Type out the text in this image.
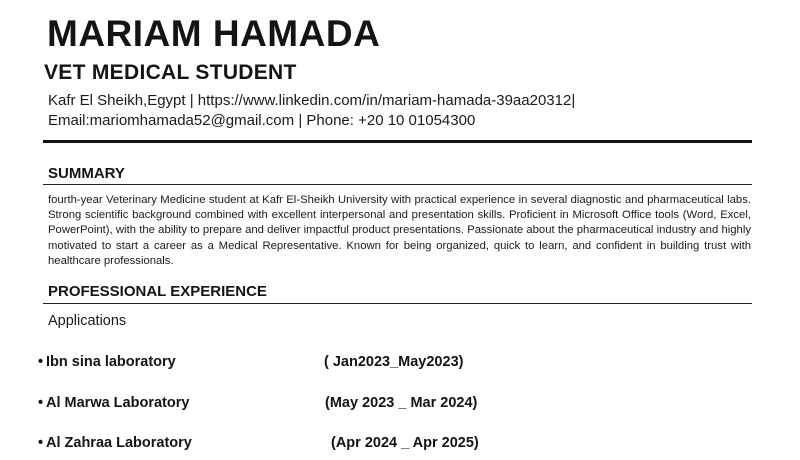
MARIAM HAMADA
VET MEDICAL STUDENT
Kafr El Sheikh,Egypt | https://www.linkedin.com/in/mariam-hamada-39aa20312|
Email:mariomhamada52@gmail.com | Phone: +20 10 01054300
SUMMARY

fourth-year Veterinary Medicine student at Kafr El-Sheikh University with practical experience in several diagnostic and pharmaceutical labs. Strong scientific background combined with excellent interpersonal and presentation skills. Proficient in Microsoft Office tools (Word, Excel, PowerPoint), with the ability to prepare and deliver impactful product presentations. Passionate about the pharmaceutical industry and highly motivated to start a career as a Medical Representative. Known for being organized, quick to learn, and confident in building trust with healthcare professionals.

PROFESSIONAL EXPERIENCE
Applications
• Ibn sina laboratory	( Jan2023_May2023)
• Al Marwa Laboratory	(May 2023 _ Mar 2024)
• Al Zahraa Laboratory	(Apr 2024 _ Apr 2025)
